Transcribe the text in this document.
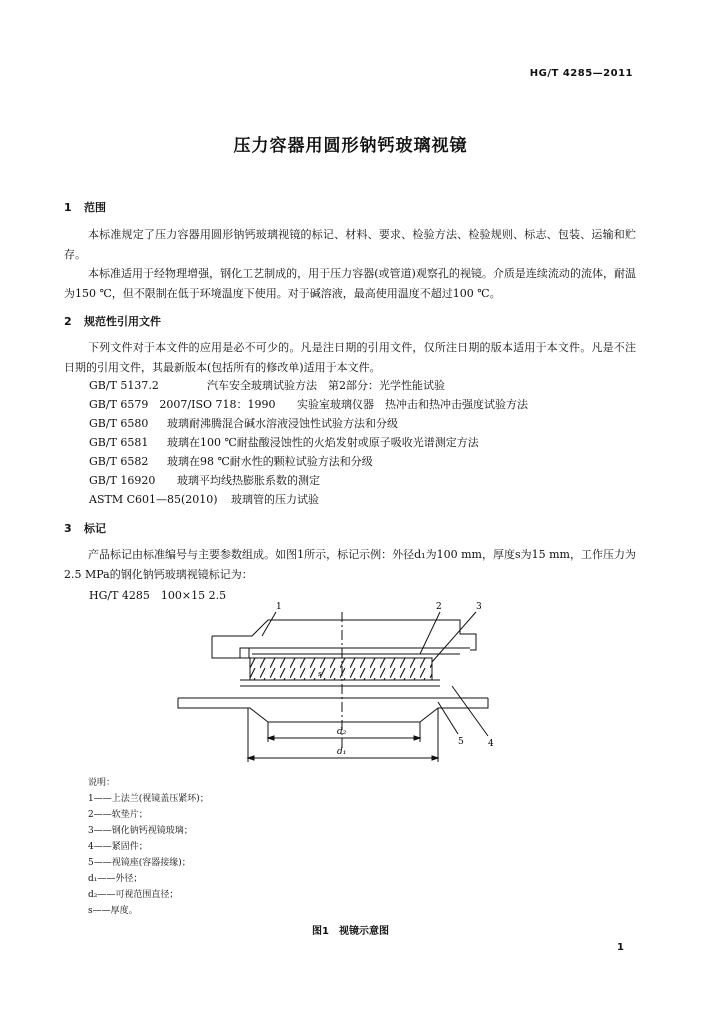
HG/T 4285—2011
压力容器用圆形钠钙玻璃视镜
1 范围
本标准规定了压力容器用圆形钠钙玻璃视镜的标记、材料、要求、检验方法、检验规则、标志、包装、运输和贮存。
本标准适用于经物理增强，钢化工艺制成的，用于压力容器(或管道)观察孔的视镜。介质是连续流动的流体，耐温为150 ℃，但不限制在低于环境温度下使用。对于碱溶液，最高使用温度不超过100 ℃。
2 规范性引用文件
下列文件对于本文件的应用是必不可少的。凡是注日期的引用文件，仅所注日期的版本适用于本文件。凡是不注日期的引用文件，其最新版本(包括所有的修改单)适用于本文件。
GB/T 5137.2	汽车安全玻璃试验方法　第2部分：光学性能试验
GB/T 6579　2007/ISO 718：1990 实验室玻璃仪器　热冲击和热冲击强度试验方法
GB/T 6580 玻璃耐沸腾混合碱水溶液浸蚀性试验方法和分级
GB/T 6581 玻璃在100 ℃耐盐酸浸蚀性的火焰发射或原子吸收光谱测定方法
GB/T 6582 玻璃在98 ℃耐水性的颗粒试验方法和分级
GB/T 16920 玻璃平均线热膨胀系数的测定
ASTM C601—85(2010) 玻璃管的压力试验
3 标记
产品标记由标准编号与主要参数组成。如图1所示，标记示例：外径d₁为100 mm，厚度s为15 mm，工作压力为2.5 MPa的钢化钠钙玻璃视镜标记为：
HG/T 4285　100×15 2.5
1	2	3
4
5
d₂
d₁
s
说明：
1——上法兰(视镜盖压紧环)；
2——软垫片；
3——钢化钠钙视镜玻璃；
4——紧固件；
5——视镜座(容器接缘)；
d₁——外径；
d₂——可视范围直径；
s——厚度。
图1　视镜示意图
1
